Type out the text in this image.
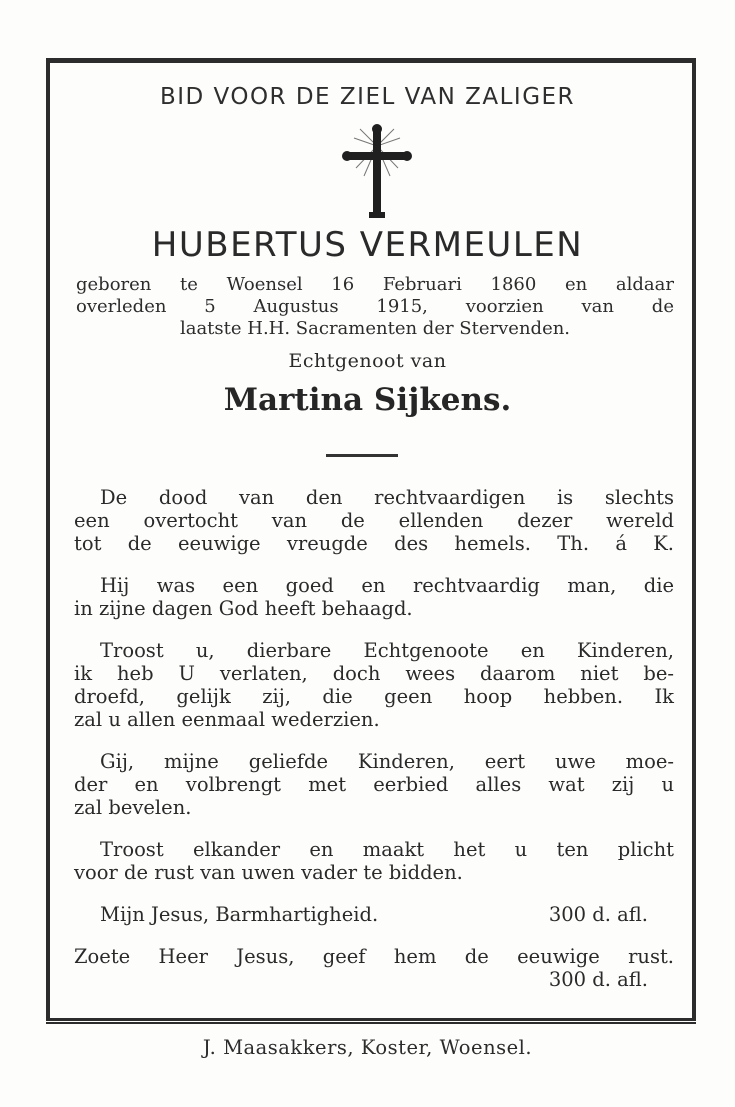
BID VOOR DE ZIEL VAN ZALIGER
HUBERTUS VERMEULEN
geboren te Woensel 16 Februari 1860 en aldaar
overleden 5 Augustus 1915, voorzien van de
laatste H.H. Sacramenten der Stervenden.
Echtgenoot van
Martina Sijkens.
De dood van den rechtvaardigen is slechts
een overtocht van de ellenden dezer wereld
tot de eeuwige vreugde des hemels. Th. á K.
Hij was een goed en rechtvaardig man, die
in zijne dagen God heeft behaagd.
Troost u, dierbare Echtgenoote en Kinderen,
ik heb U verlaten, doch wees daarom niet be-
droefd, gelijk zij, die geen hoop hebben. Ik
zal u allen eenmaal wederzien.
Gij, mijne geliefde Kinderen, eert uwe moe-
der en volbrengt met eerbied alles wat zij u
zal bevelen.
Troost elkander en maakt het u ten plicht
voor de rust van uwen vader te bidden.
Mijn Jesus, Barmhartigheid.	300 d. afl.
Zoete Heer Jesus, geef hem de eeuwige rust.
300 d. afl.
J. Maasakkers, Koster, Woensel.
